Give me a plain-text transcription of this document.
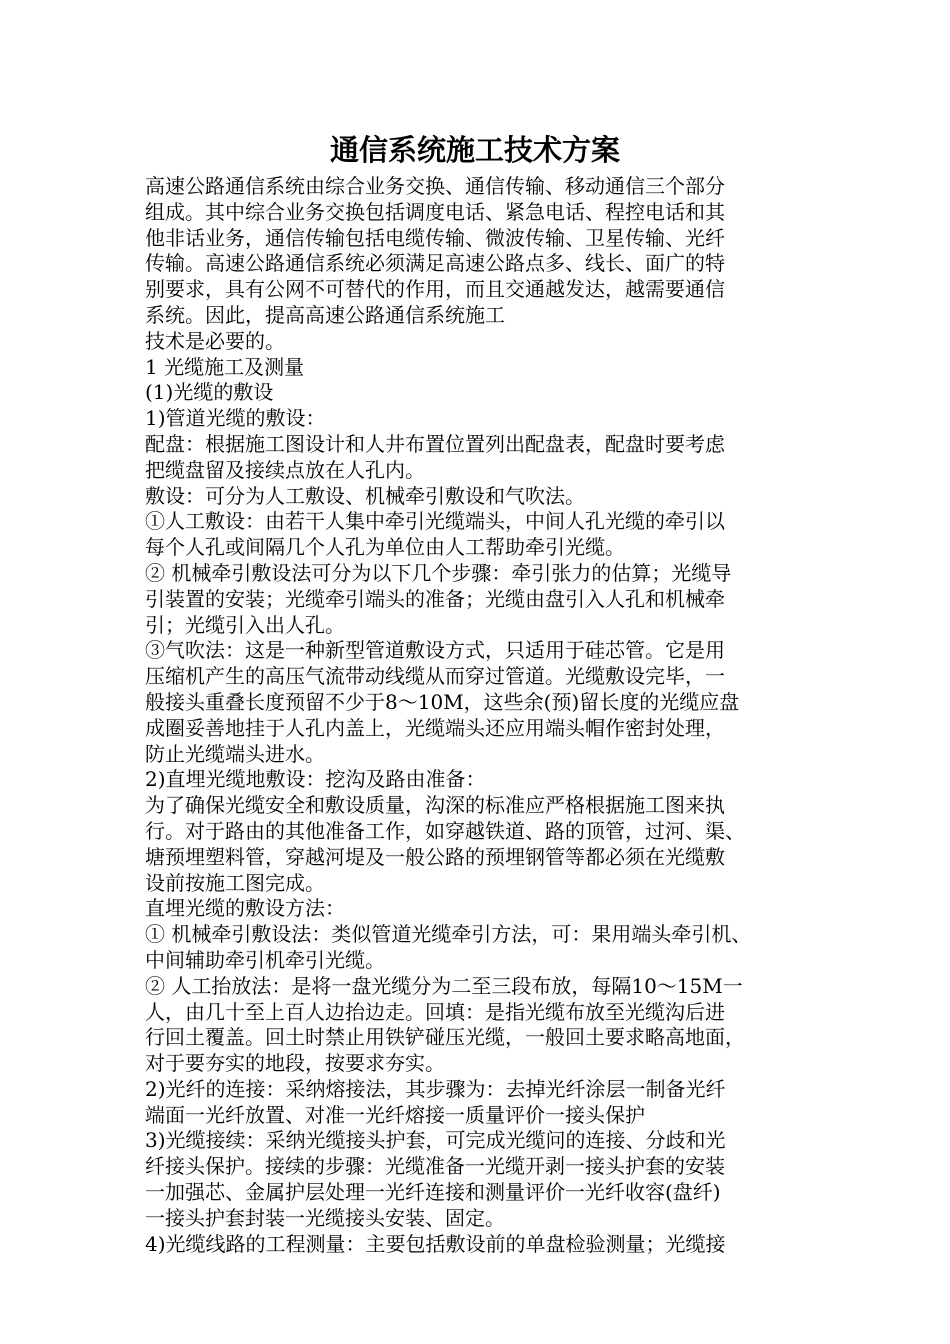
通信系统施工技术方案
高速公路通信系统由综合业务交换、通信传输、移动通信三个部分
组成。其中综合业务交换包括调度电话、紧急电话、程控电话和其
他非话业务，通信传输包括电缆传输、微波传输、卫星传输、光纤
传输。高速公路通信系统必须满足高速公路点多、线长、面广的特
别要求，具有公网不可替代的作用，而且交通越发达，越需要通信
系统。因此，提高高速公路通信系统施工
技术是必要的。
1 光缆施工及测量
(1)光缆的敷设
1)管道光缆的敷设：
配盘：根据施工图设计和人井布置位置列出配盘表，配盘时要考虑
把缆盘留及接续点放在人孔内。
敷设：可分为人工敷设、机械牵引敷设和气吹法。
①人工敷设：由若干人集中牵引光缆端头，中间人孔光缆的牵引以
每个人孔或间隔几个人孔为单位由人工帮助牵引光缆。
② 机械牵引敷设法可分为以下几个步骤：牵引张力的估算；光缆导
引装置的安装；光缆牵引端头的准备；光缆由盘引入人孔和机械牵
引；光缆引入出人孔。
③气吹法：这是一种新型管道敷设方式，只适用于硅芯管。它是用
压缩机产生的高压气流带动线缆从而穿过管道。光缆敷设完毕，一
般接头重叠长度预留不少于8～10M，这些余(预)留长度的光缆应盘
成圈妥善地挂于人孔内盖上，光缆端头还应用端头帽作密封处理，
防止光缆端头进水。
2)直埋光缆地敷设：挖沟及路由准备：
为了确保光缆安全和敷设质量，沟深的标准应严格根据施工图来执
行。对于路由的其他准备工作，如穿越铁道、路的顶管，过河、渠、
塘预埋塑料管，穿越河堤及一般公路的预埋钢管等都必须在光缆敷
设前按施工图完成。
直埋光缆的敷设方法：
① 机械牵引敷设法：类似管道光缆牵引方法，可：果用端头牵引机、
中间辅助牵引机牵引光缆。
② 人工抬放法：是将一盘光缆分为二至三段布放，每隔10～15M一
人，由几十至上百人边抬边走。回填：是指光缆布放至光缆沟后进
行回土覆盖。回土时禁止用铁铲碰压光缆，一般回土要求略高地面，
对于要夯实的地段，按要求夯实。
2)光纤的连接：采纳熔接法，其步骤为：去掉光纤涂层一制备光纤
端面一光纤放置、对准一光纤熔接一质量评价一接头保护
3)光缆接续：采纳光缆接头护套，可完成光缆问的连接、分歧和光
纤接头保护。接续的步骤：光缆准备一光缆开剥一接头护套的安装
一加强芯、金属护层处理一光纤连接和测量评价一光纤收容(盘纤)
一接头护套封装一光缆接头安装、固定。
4)光缆线路的工程测量：主要包括敷设前的单盘检验测量；光缆接
